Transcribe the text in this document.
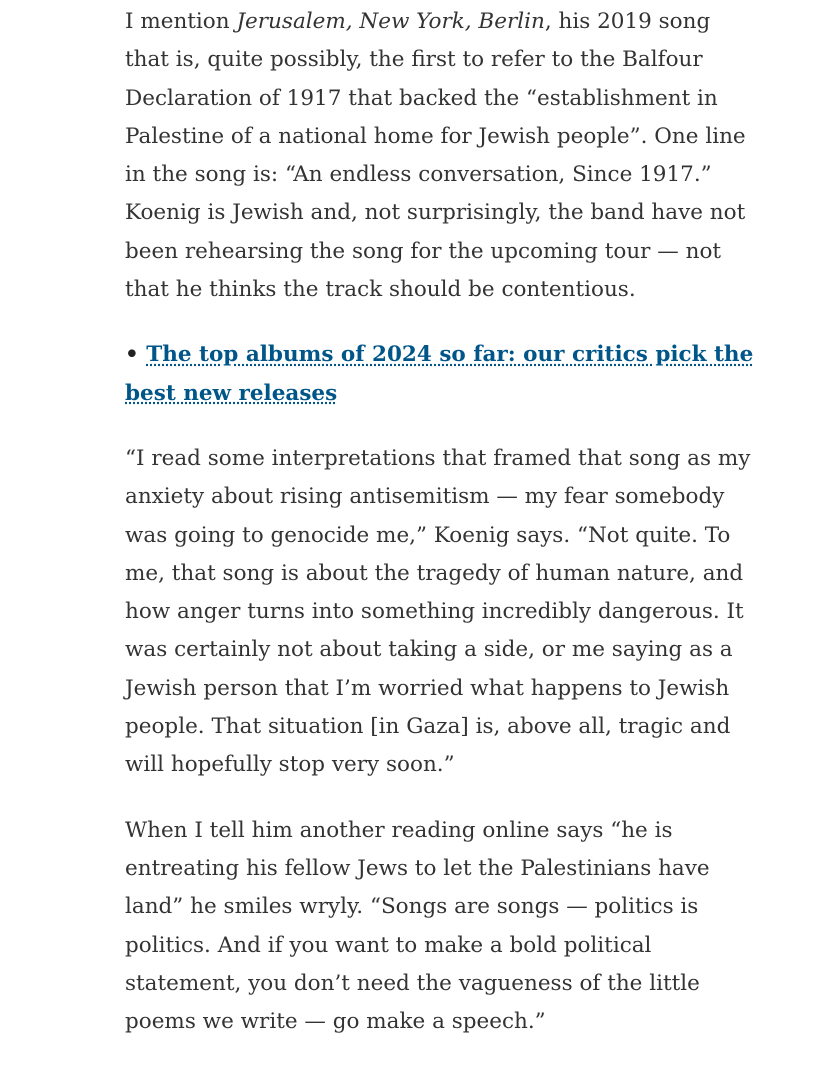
I mention Jerusalem, New York, Berlin, his 2019 song that is, quite possibly, the first to refer to the Balfour Declaration of 1917 that backed the “establishment in Palestine of a national home for Jewish people”. One line in the song is: “An endless conversation, Since 1917.” Koenig is Jewish and, not surprisingly, the band have not been rehearsing the song for the upcoming tour — not that he thinks the track should be contentious.

• The top albums of 2024 so far: our critics pick the best new releases

“I read some interpretations that framed that song as my anxiety about rising antisemitism — my fear somebody was going to genocide me,” Koenig says. “Not quite. To me, that song is about the tragedy of human nature, and how anger turns into something incredibly dangerous. It was certainly not about taking a side, or me saying as a Jewish person that I’m worried what happens to Jewish people. That situation [in Gaza] is, above all, tragic and will hopefully stop very soon.”

When I tell him another reading online says “he is entreating his fellow Jews to let the Palestinians have land” he smiles wryly. “Songs are songs — politics is politics. And if you want to make a bold political statement, you don’t need the vagueness of the little poems we write — go make a speech.”
